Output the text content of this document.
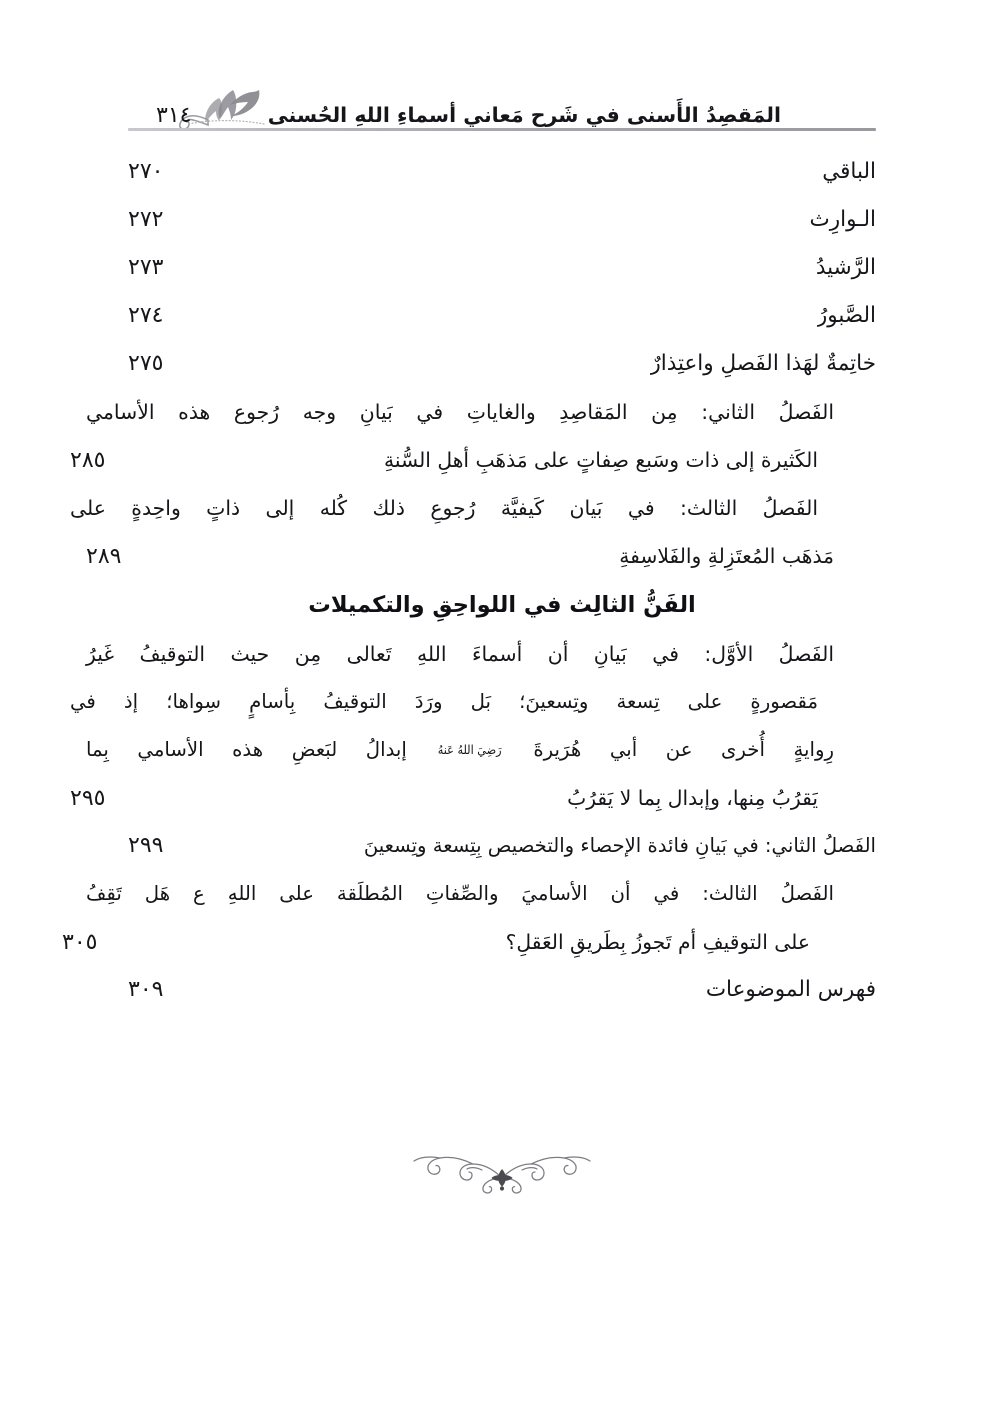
المَقصِدُ الأَسنى في شَرح مَعاني أسماءِ اللهِ الحُسنى
٣١٤
الباقي
.....
٢٧٠
الـوارِث
.....
٢٧٢
الرَّشيدُ
.....
٢٧٣
الصَّبورُ
.....
٢٧٤
خاتِمةٌ لهَذا الفَصلِ واعتِذارٌ
.....
٢٧٥
الفَصلُ الثاني: مِن المَقاصِدِ والغاياتِ في بَيانِ وجه رُجوع هذه الأسامي
الكَثيرة إلى ذات وسَبع صِفاتٍ على مَذهَبِ أهلِ السُّنةِ
.....
٢٨٥
الفَصلُ الثالث: في بَيان كَيفيَّة رُجوعِ ذلك كُله إلى ذاتٍ واحِدةٍ على
مَذهَب المُعتَزِلةِ والفَلاسِفةِ
.....
٢٨٩
الفَنُّ الثالِث في اللواحِقِ والتكميلات
الفَصلُ الأوَّل: في بَيانِ أن أسماءَ اللهِ تَعالى مِن حيث التوقيفُ غَيرُ
مَقصورةٍ على تِسعة وتِسعينَ؛ بَل ورَدَ التوقيفُ بِأسامٍ سِواها؛ إذ في
رِوايةٍ أُخرى عن أبي هُرَيرةَ رَضِيَ اللهُ عَنهُ إبدالُ لبَعضِ هذه الأسامي بِما
يَقرُبُ مِنها، وإبدال بِما لا يَقرُبُ
.....
٢٩٥
الفَصلُ الثاني: في بَيانِ فائدة الإحصاء والتخصيص بِتِسعة وتِسعينَ
.....
٢٩٩
الفَصلُ الثالث: في أن الأساميَ والصِّفاتِ المُطلَقة على اللهِ ع هَل تَقِفُ
على التوقيفِ أم تَجوزُ بِطَريقِ العَقلِ؟
.....
٣٠٥
فهرس الموضوعات
.....
٣٠٩
